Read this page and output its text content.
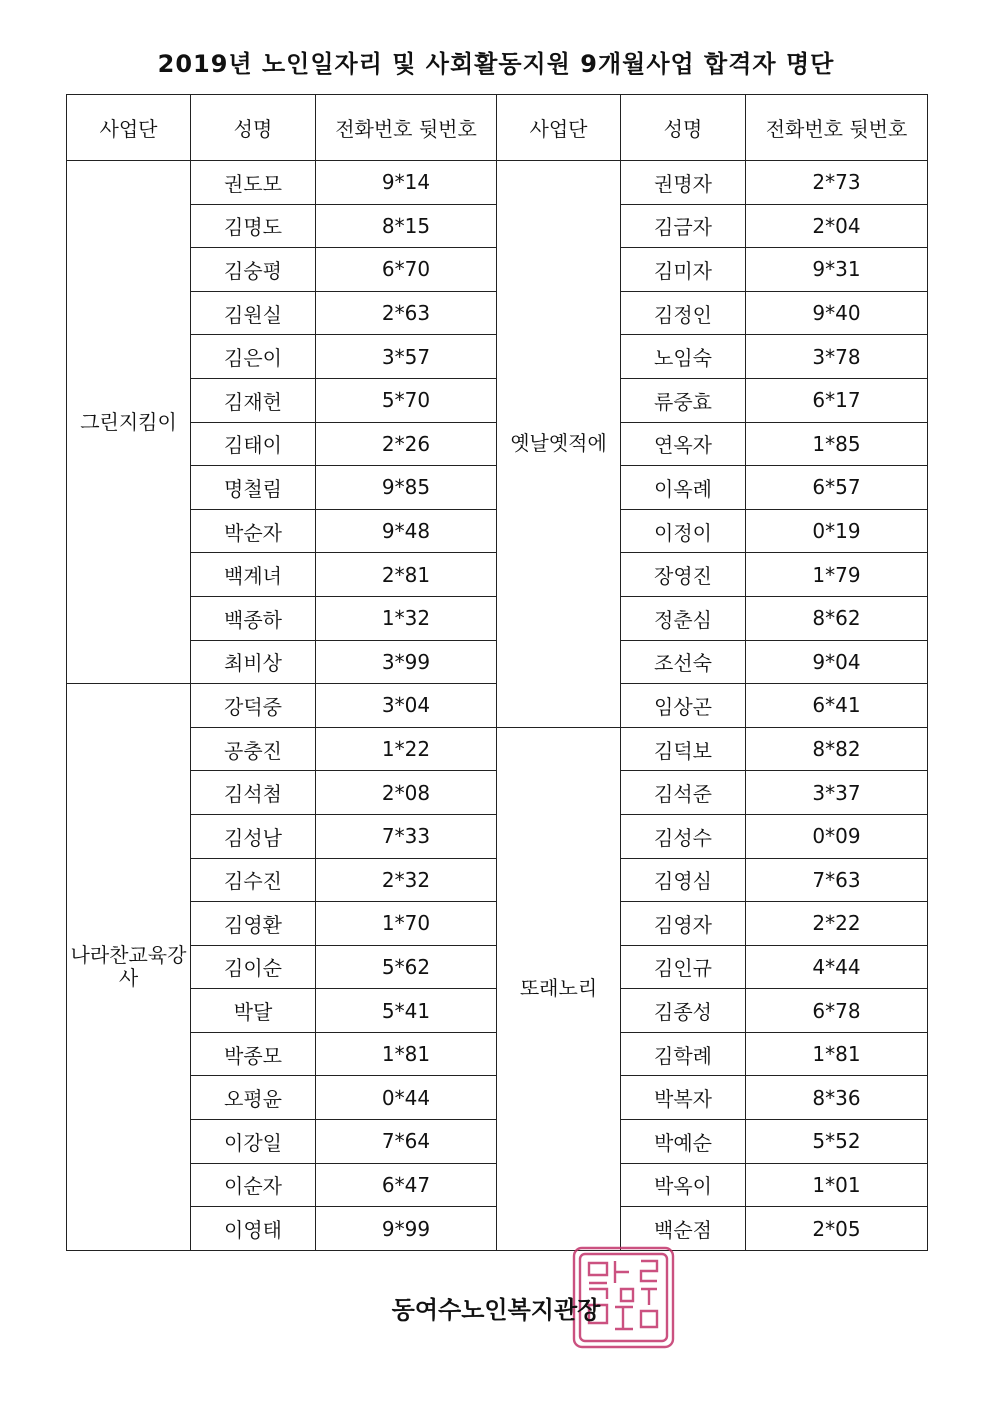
2019년 노인일자리 및 사회활동지원 9개월사업 합격자 명단
사업단	성명	전화번호 뒷번호	사업단	성명	전화번호 뒷번호
그린지킴이	권도모	9*14	옛날옛적에	권명자	2*73
	김명도	8*15		김금자	2*04
	김숭평	6*70		김미자	9*31
	김원실	2*63		김정인	9*40
	김은이	3*57		노임숙	3*78
	김재헌	5*70		류중효	6*17
	김태이	2*26		연옥자	1*85
	명철림	9*85		이옥례	6*57
	박순자	9*48		이정이	0*19
	백계녀	2*81		장영진	1*79
	백종하	1*32		정춘심	8*62
	최비상	3*99		조선숙	9*04
나라찬교육강사	강덕중	3*04		임상곤	6*41
	공충진	1*22	또래노리	김덕보	8*82
	김석첨	2*08		김석준	3*37
	김성남	7*33		김성수	0*09
	김수진	2*32		김영심	7*63
	김영환	1*70		김영자	2*22
	김이순	5*62		김인규	4*44
	박달	5*41		김종성	6*78
	박종모	1*81		김학례	1*81
	오평윤	0*44		박복자	8*36
	이강일	7*64		박예순	5*52
	이순자	6*47		박옥이	1*01
	이영태	9*99		백순점	2*05
동여수노인복지관장
